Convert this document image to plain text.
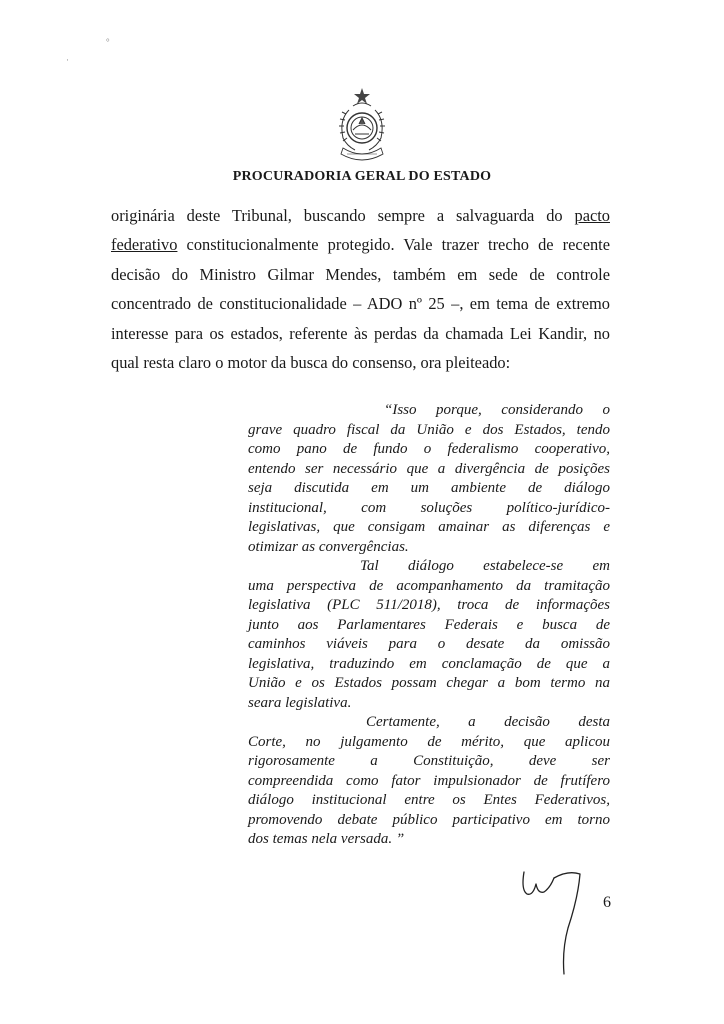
°
·
PROCURADORIA GERAL DO ESTADO
originária deste Tribunal, buscando sempre a salvaguarda do pacto
federativo constitucionalmente protegido. Vale trazer trecho de recente
decisão do Ministro Gilmar Mendes, também em sede de controle
concentrado de constitucionalidade – ADO nº 25 –, em tema de extremo
interesse para os estados, referente às perdas da chamada Lei Kandir, no
qual resta claro o motor da busca do consenso, ora pleiteado:
“Isso porque, considerando o
grave quadro fiscal da União e dos Estados, tendo
como pano de fundo o federalismo cooperativo,
entendo ser necessário que a divergência de posições
seja discutida em um ambiente de diálogo
institucional, com soluções político-jurídico-
legislativas, que consigam amainar as diferenças e
otimizar as convergências.
Tal diálogo estabelece-se em
uma perspectiva de acompanhamento da tramitação
legislativa (PLC 511/2018), troca de informações
junto aos Parlamentares Federais e busca de
caminhos viáveis para o desate da omissão
legislativa, traduzindo em conclamação de que a
União e os Estados possam chegar a bom termo na
seara legislativa.
Certamente, a decisão desta
Corte, no julgamento de mérito, que aplicou
rigorosamente a Constituição, deve ser
compreendida como fator impulsionador de frutífero
diálogo institucional entre os Entes Federativos,
promovendo debate público participativo em torno
dos temas nela versada. ”
6
